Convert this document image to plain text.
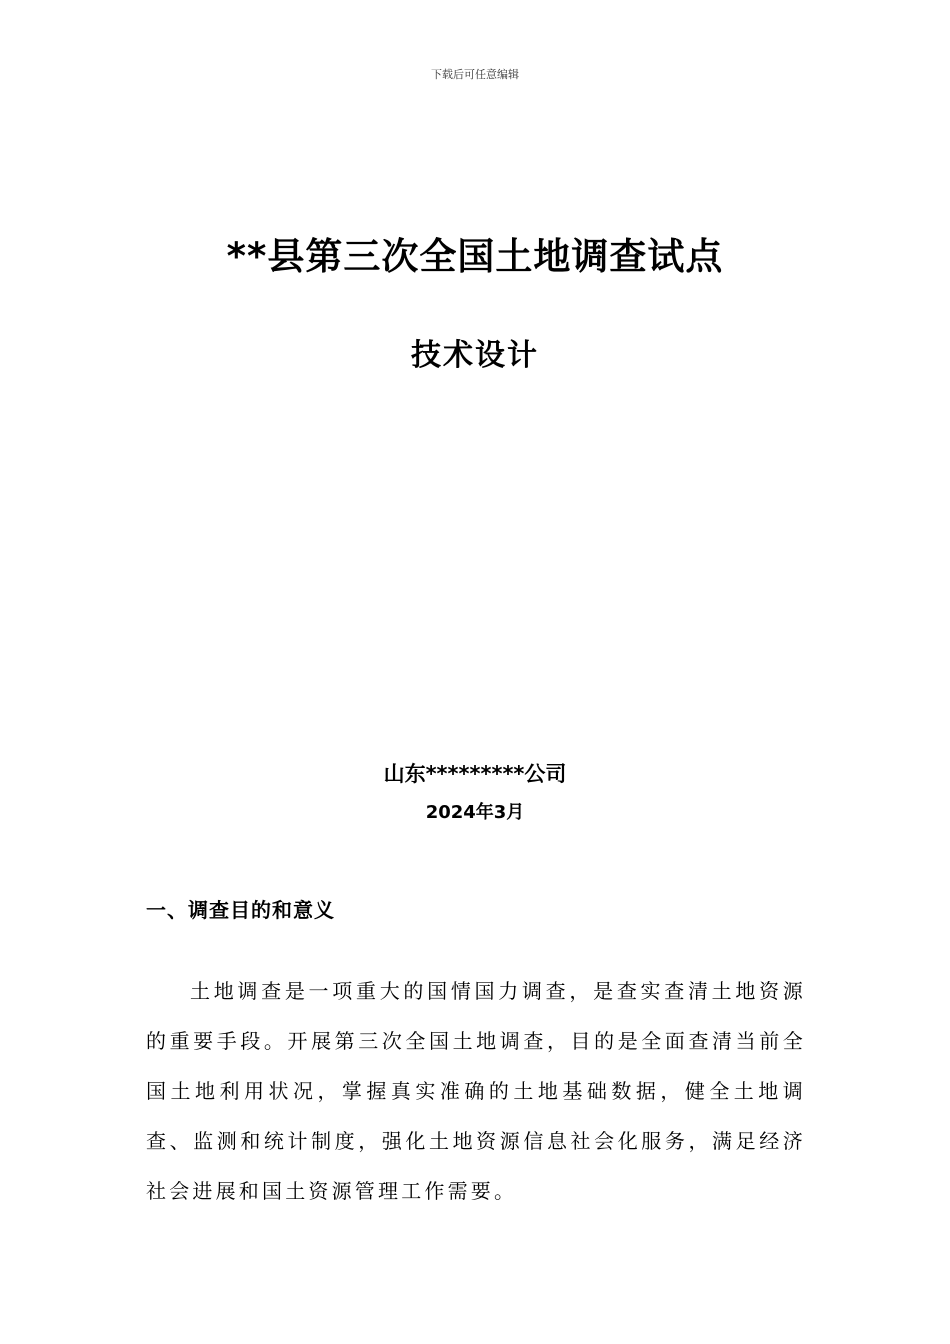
下载后可任意编辑
**县第三次全国土地调查试点
技术设计
山东*********公司
2024年3月
一、调查目的和意义
土地调查是一项重大的国情国力调查，是查实查清土地资源的重要手段。开展第三次全国土地调查，目的是全面查清当前全国土地利用状况，掌握真实准确的土地基础数据，健全土地调查、监测和统计制度，强化土地资源信息社会化服务，满足经济社会进展和国土资源管理工作需要。
